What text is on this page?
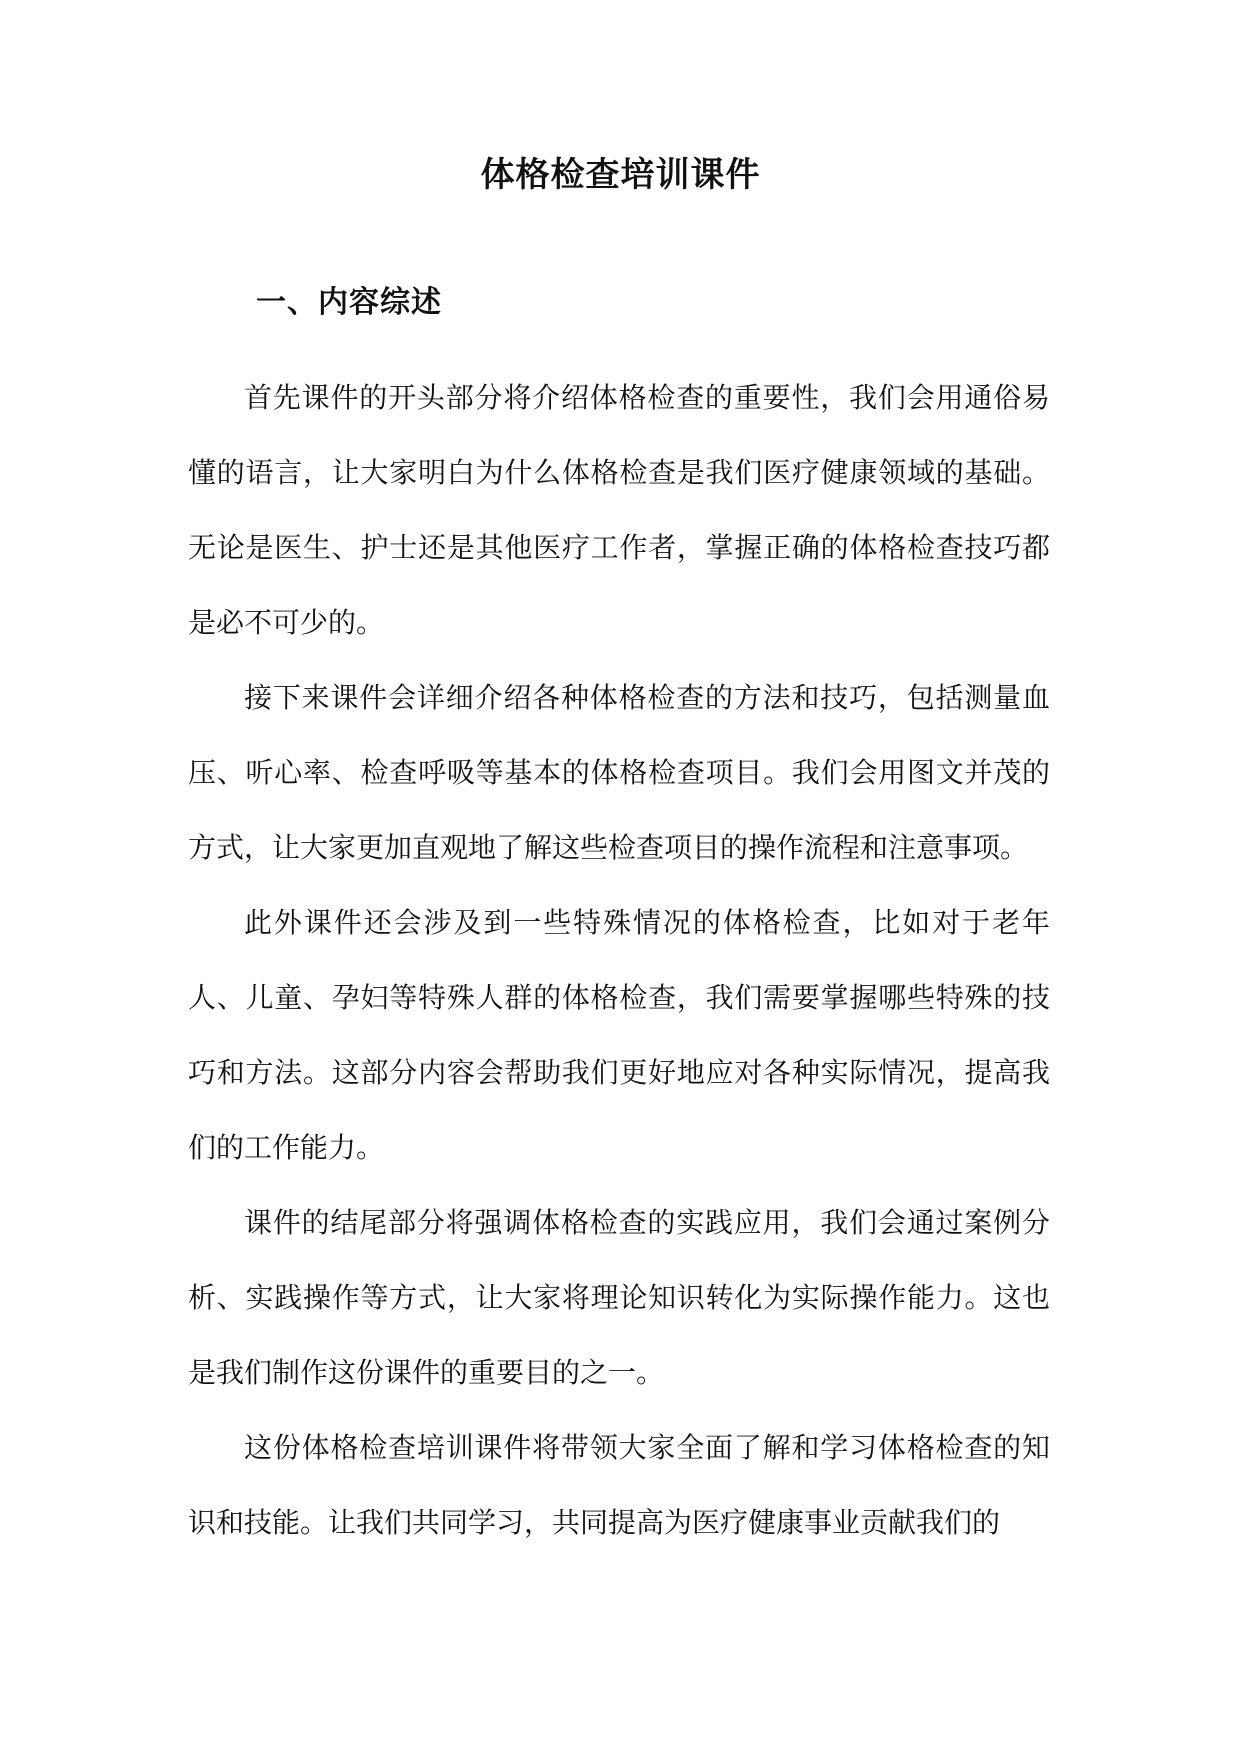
体格检查培训课件
一、内容综述

首先课件的开头部分将介绍体格检查的重要性，我们会用通俗易懂的语言，让大家明白为什么体格检查是我们医疗健康领域的基础。无论是医生、护士还是其他医疗工作者，掌握正确的体格检查技巧都是必不可少的。

接下来课件会详细介绍各种体格检查的方法和技巧，包括测量血压、听心率、检查呼吸等基本的体格检查项目。我们会用图文并茂的方式，让大家更加直观地了解这些检查项目的操作流程和注意事项。

此外课件还会涉及到一些特殊情况的体格检查，比如对于老年人、儿童、孕妇等特殊人群的体格检查，我们需要掌握哪些特殊的技巧和方法。这部分内容会帮助我们更好地应对各种实际情况，提高我们的工作能力。

课件的结尾部分将强调体格检查的实践应用，我们会通过案例分析、实践操作等方式，让大家将理论知识转化为实际操作能力。这也是我们制作这份课件的重要目的之一。

这份体格检查培训课件将带领大家全面了解和学习体格检查的知识和技能。让我们共同学习，共同提高为医疗健康事业贡献我们的
